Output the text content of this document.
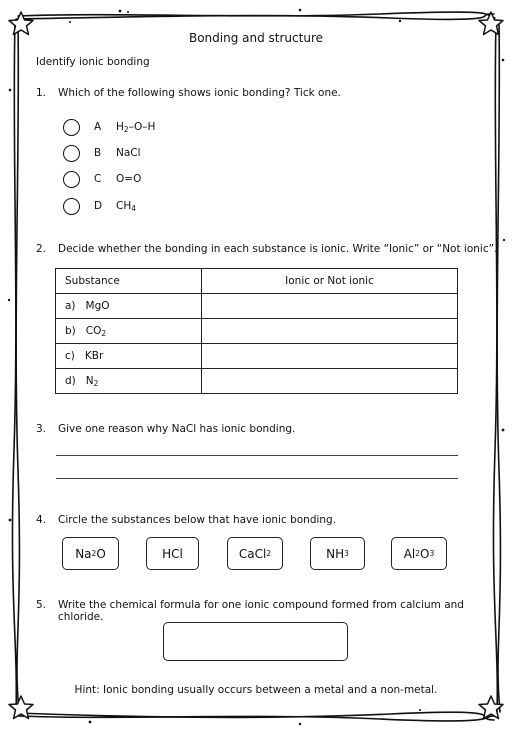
Bonding and structure
Identify ionic bonding
1. Which of the following shows ionic bonding? Tick one.
A	$H_2-O-H$
B	NaCl
C	O=O
D	$CH_4$
2. Decide whether the bonding in each substance is ionic. Write “Ionic” or “Not ionic”.
Substance	Ionic or Not ionic
a) MgO	
b) $CO_2$	
c) KBr	
d) $N_2$	
3. Give one reason why NaCl has ionic bonding.
4. Circle the substances below that have ionic bonding.
Na 2 O	HCl	CaCl 2	NH 3	Al 2 O 3
5. Write the chemical formula for one ionic compound formed from calcium and chloride.
Hint: Ionic bonding usually occurs between a metal and a non-metal.
